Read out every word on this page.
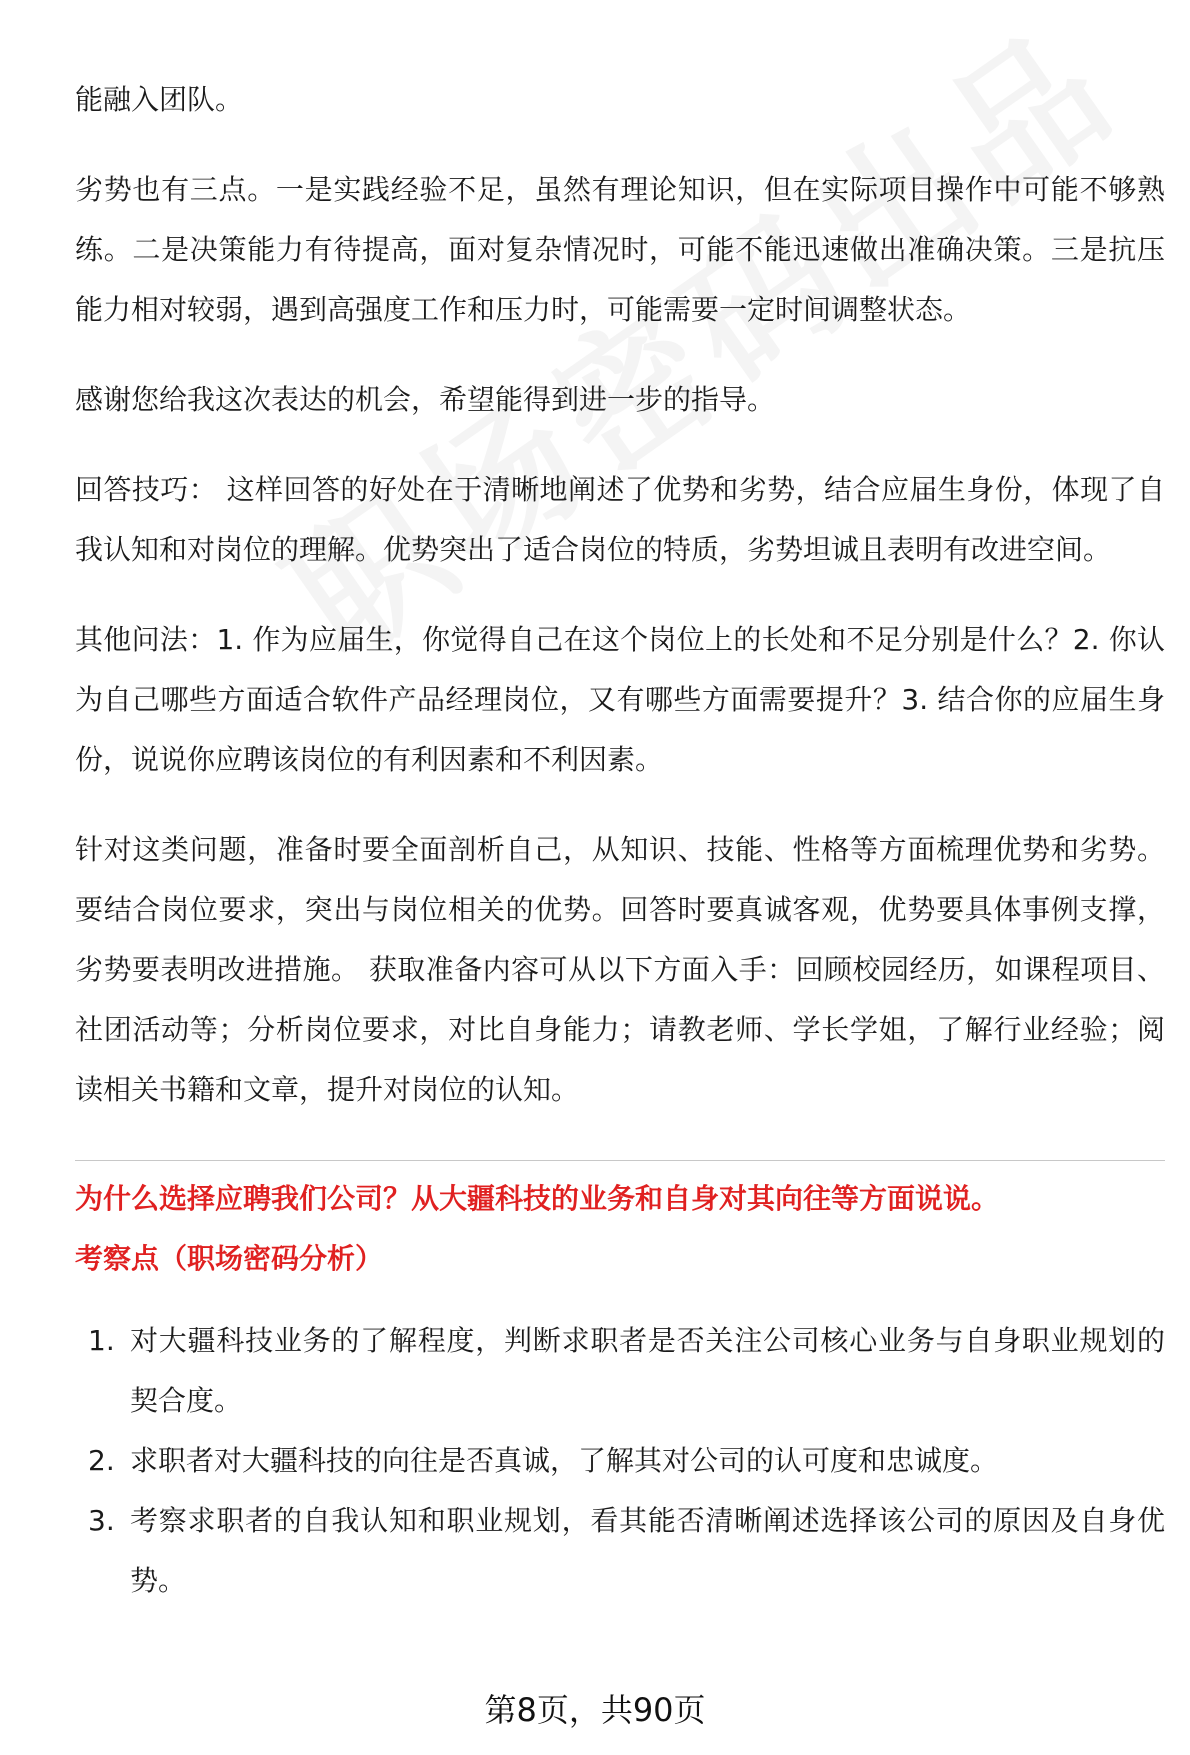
能融入团队。

劣势也有三点。一是实践经验不足，虽然有理论知识，但在实际项目操作中可能不够熟练。二是决策能力有待提高，面对复杂情况时，可能不能迅速做出准确决策。三是抗压能力相对较弱，遇到高强度工作和压力时，可能需要一定时间调整状态。

感谢您给我这次表达的机会，希望能得到进一步的指导。

回答技巧： 这样回答的好处在于清晰地阐述了优势和劣势，结合应届生身份，体现了自我认知和对岗位的理解。优势突出了适合岗位的特质，劣势坦诚且表明有改进空间。

其他问法：1. 作为应届生，你觉得自己在这个岗位上的长处和不足分别是什么？2. 你认为自己哪些方面适合软件产品经理岗位，又有哪些方面需要提升？3. 结合你的应届生身份，说说你应聘该岗位的有利因素和不利因素。

针对这类问题，准备时要全面剖析自己，从知识、技能、性格等方面梳理优势和劣势。要结合岗位要求，突出与岗位相关的优势。回答时要真诚客观，优势要具体事例支撑，劣势要表明改进措施。 获取准备内容可从以下方面入手：回顾校园经历，如课程项目、社团活动等；分析岗位要求，对比自身能力；请教老师、学长学姐，了解行业经验；阅读相关书籍和文章，提升对岗位的认知。

为什么选择应聘我们公司？从大疆科技的业务和自身对其向往等方面说说。

考察点（职场密码分析）

1. 对大疆科技业务的了解程度，判断求职者是否关注公司核心业务与自身职业规划的契合度。
2. 求职者对大疆科技的向往是否真诚，了解其对公司的认可度和忠诚度。
3. 考察求职者的自我认知和职业规划，看其能否清晰阐述选择该公司的原因及自身优势。
第8页，共90页
